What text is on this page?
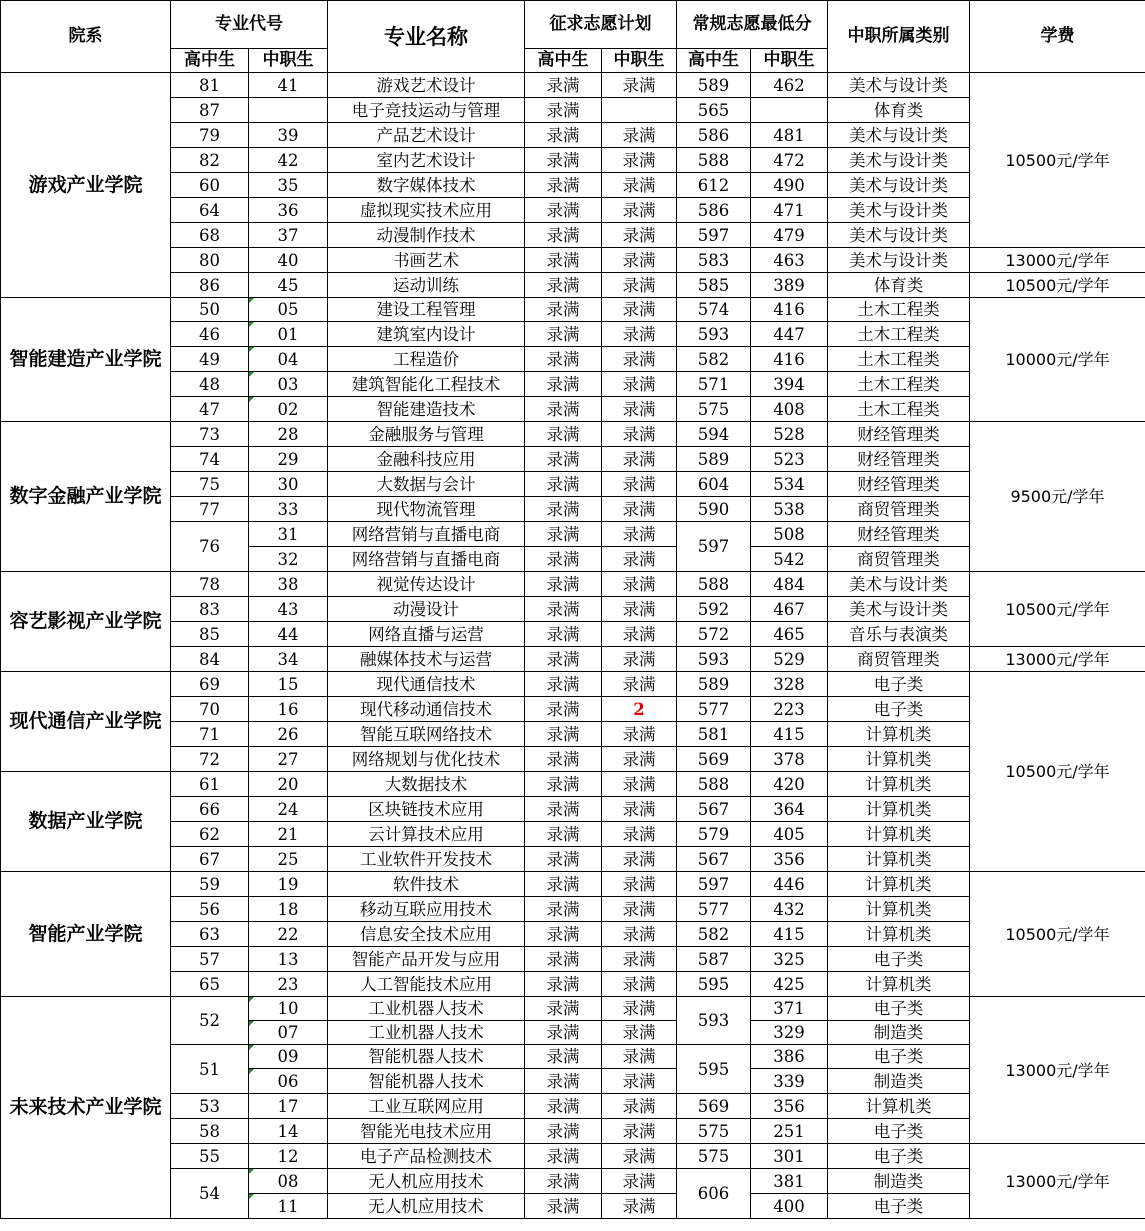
院系	专业代号		专业名称	征求志愿计划		常规志愿最低分		中职所属类别	学费	
	高中生	中职生		高中生	中职生	高中生	中职生			
游戏产业学院	81	41	游戏艺术设计	录满	录满	589	462	美术与设计类	10500元/学年	
	87		电子竞技运动与管理	录满		565		体育类		
	79	39	产品艺术设计	录满	录满	586	481	美术与设计类		
	82	42	室内艺术设计	录满	录满	588	472	美术与设计类		
	60	35	数字媒体技术	录满	录满	612	490	美术与设计类		
	64	36	虚拟现实技术应用	录满	录满	586	471	美术与设计类		
	68	37	动漫制作技术	录满	录满	597	479	美术与设计类		
	80	40	书画艺术	录满	录满	583	463	美术与设计类	13000元/学年	
	86	45	运动训练	录满	录满	585	389	体育类	10500元/学年	
智能建造产业学院	50	05	建设工程管理	录满	录满	574	416	土木工程类	10000元/学年	
	46	01	建筑室内设计	录满	录满	593	447	土木工程类		
	49	04	工程造价	录满	录满	582	416	土木工程类		
	48	03	建筑智能化工程技术	录满	录满	571	394	土木工程类		
	47	02	智能建造技术	录满	录满	575	408	土木工程类		
数字金融产业学院	73	28	金融服务与管理	录满	录满	594	528	财经管理类	9500元/学年	
	74	29	金融科技应用	录满	录满	589	523	财经管理类		
	75	30	大数据与会计	录满	录满	604	534	财经管理类		
	77	33	现代物流管理	录满	录满	590	538	商贸管理类		
	76	31	网络营销与直播电商	录满	录满	597	508	财经管理类		
		32	网络营销与直播电商	录满	录满		542	商贸管理类		
容艺影视产业学院	78	38	视觉传达设计	录满	录满	588	484	美术与设计类	10500元/学年	
	83	43	动漫设计	录满	录满	592	467	美术与设计类		
	85	44	网络直播与运营	录满	录满	572	465	音乐与表演类		
	84	34	融媒体技术与运营	录满	录满	593	529	商贸管理类	13000元/学年	
现代通信产业学院	69	15	现代通信技术	录满	录满	589	328	电子类	10500元/学年	
	70	16	现代移动通信技术	录满	2	577	223	电子类		
	71	26	智能互联网络技术	录满	录满	581	415	计算机类		
	72	27	网络规划与优化技术	录满	录满	569	378	计算机类		
数据产业学院	61	20	大数据技术	录满	录满	588	420	计算机类		
	66	24	区块链技术应用	录满	录满	567	364	计算机类		
	62	21	云计算技术应用	录满	录满	579	405	计算机类		
	67	25	工业软件开发技术	录满	录满	567	356	计算机类	
智能产业学院	59	19	软件技术	录满	录满	597	446	计算机类	10500元/学年	
	56	18	移动互联应用技术	录满	录满	577	432	计算机类		
	63	22	信息安全技术应用	录满	录满	582	415	计算机类		
	57	13	智能产品开发与应用	录满	录满	587	325	电子类		
	65	23	人工智能技术应用	录满	录满	595	425	计算机类		
未来技术产业学院	52	10	工业机器人技术	录满	录满	593	371	电子类	13000元/学年	
		07	工业机器人技术	录满	录满		329	制造类		
	51	09	智能机器人技术	录满	录满	595	386	电子类		
		06	智能机器人技术	录满	录满		339	制造类		
	53	17	工业互联网应用	录满	录满	569	356	计算机类		
	58	14	智能光电技术应用	录满	录满	575	251	电子类		
	55	12	电子产品检测技术	录满	录满	575	301	电子类	13000元/学年	
	54	08	无人机应用技术	录满	录满	606	381	制造类		
		11	无人机应用技术	录满	录满		400	电子类		
